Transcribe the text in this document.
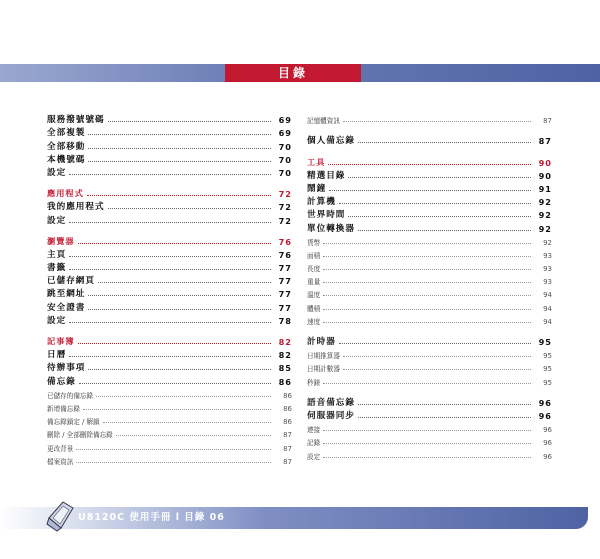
目錄
服務撥號號碼	69
全部複製	69
全部移動	70
本機號碼	70
設定	70
應用程式	72
我的應用程式	72
設定	72
瀏覽器	76
主頁	76
書籤	77
已儲存網頁	77
跳至網址	77
安全證書	77
設定	78
記事簿	82
日曆	82
待辦事項	85
備忘錄	86
已儲存的備忘錄	86
新增備忘錄	86
備忘錄鎖定 / 解鎖	86
刪除 / 全部刪除備忘錄	87
更改背景	87
檔案資訊	87
記憶體資訊	87
個人備忘錄	87
工具	90
精選目錄	90
鬧鐘	91
計算機	92
世界時間	92
單位轉換器	92
貨幣	92
面積	93
長度	93
重量	93
溫度	94
體積	94
速度	94
計時器	95
日期推算器	95
日期計數器	95
秒錶	95
語音備忘錄	96
伺服器同步	96
連接	96
記錄	96
設定	96
U8120C 使用手冊 l 目錄 06
